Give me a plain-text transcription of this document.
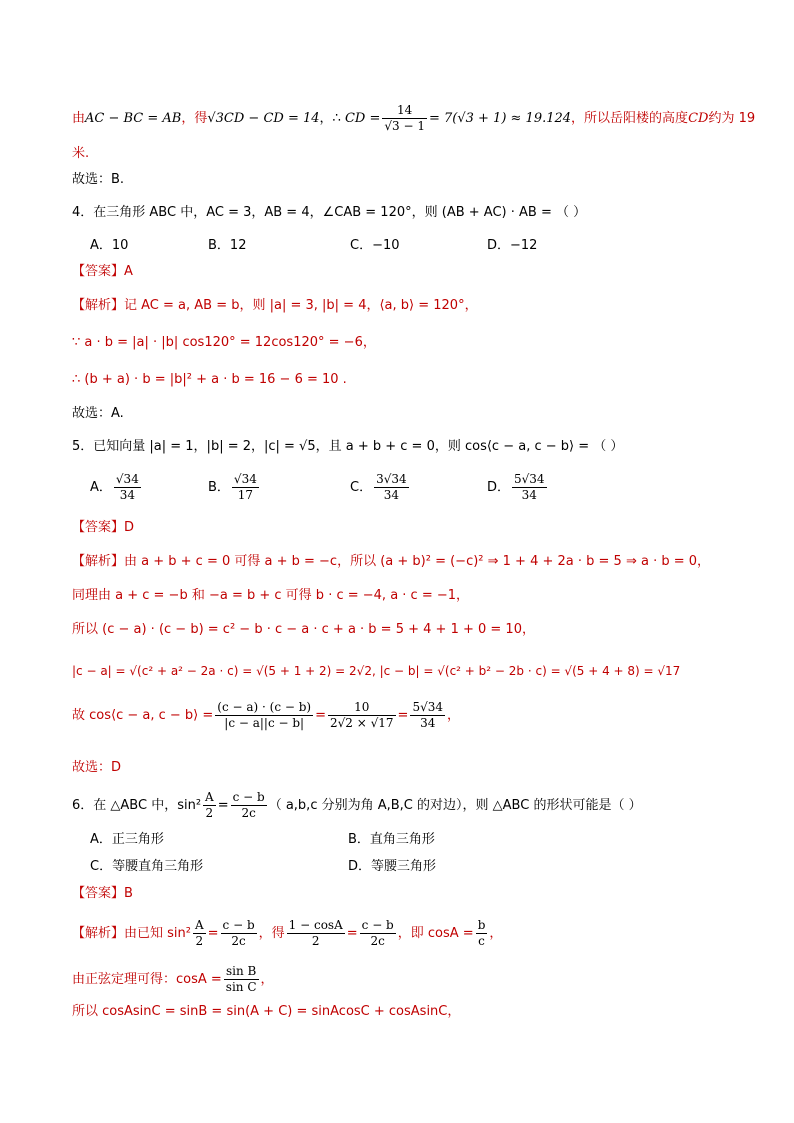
由AC − BC = AB，得√3CD − CD = 14，∴ CD = $\frac{14}{√3 - 1} = 7(√3 + 1) \approx 19.124$，所以岳阳楼的高度CD约为 19
米.
故选：B.
4．在三角形 ABC 中，AC = 3，AB = 4，∠CAB = 120°，则 (AB + AC) · AB = （ ）
A．10	B．12	C．−10	D．−12
【答案】A
【解析】记 AC = a, AB = b，则 |a| = 3, |b| = 4，⟨a, b⟩ = 120°，
∵ a · b = |a| · |b| cos120° = 12cos120° = −6，
∴ (b + a) · b = |b|² + a · b = 16 − 6 = 10 .
故选：A.
5．已知向量 |a| = 1，|b| = 2，|c| = √5，且 a + b + c = 0，则 cos⟨c − a, c − b⟩ = （ ）
A． $\frac{√34}{34}$	B． $\frac{√34}{17}$	C． $\frac{3√34}{34}$	D． $\frac{5√34}{34}$
【答案】D
【解析】由 a + b + c = 0 可得 a + b = −c，所以 (a + b)² = (−c)² ⇒ 1 + 4 + 2a · b = 5 ⇒ a · b = 0，
同理由 a + c = −b 和 −a = b + c 可得 b · c = −4, a · c = −1，
所以 (c − a) · (c − b) = c² − b · c − a · c + a · b = 5 + 4 + 1 + 0 = 10，
|c − a| = √(c² + a² − 2a · c) = √(5 + 1 + 2) = 2√2, |c − b| = √(c² + b² − 2b · c) = √(5 + 4 + 8) = √17
故 cos⟨c − a, c − b⟩ = $\frac{(c - a) \cdot (c - b)}{|c - a||c - b|} = \frac{10}{2√2 \times √17} = \frac{5√34}{34}$ ，
故选：D
6．在 △ABC 中，$\sin^2 \frac{A}{2} = \frac{c - b}{2c}$ （ a,b,c 分别为角 A,B,C 的对边），则 △ABC 的形状可能是（ ）
A．正三角形	B．直角三角形
C．等腰直角三角形	D．等腰三角形
【答案】B
【解析】由已知 $\sin^2 \frac{A}{2} = \frac{c - b}{2c}$ ，得 $\frac{1 - \cos A}{2} = \frac{c - b}{2c}$ ，即 $\cos A = \frac{b}{c}$ ，
由正弦定理可得：$\cos A = \frac{\text{sin B}}{\text{sin C}}$ ，
所以 cosAsinC = sinB = sin(A + C) = sinAcosC + cosAsinC，
